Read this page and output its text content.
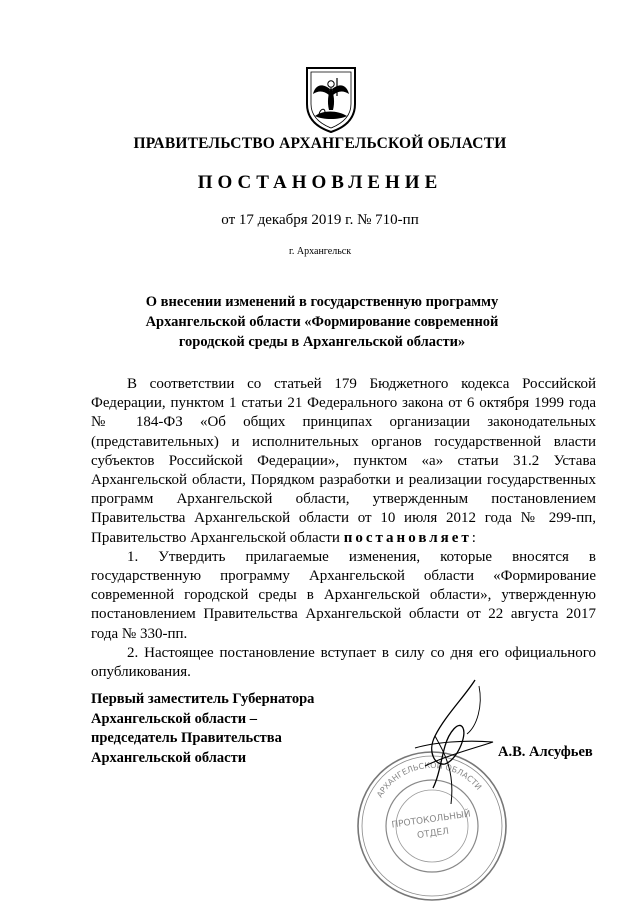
ПРАВИТЕЛЬСТВО АРХАНГЕЛЬСКОЙ ОБЛАСТИ
ПОСТАНОВЛЕНИЕ
от 17 декабря 2019 г. № 710-пп
г. Архангельск
О внесении изменений в государственную программу
Архангельской области «Формирование современной
городской среды в Архангельской области»

В соответствии со статьей 179 Бюджетного кодекса Российской Федерации, пунктом 1 статьи 21 Федерального закона от 6 октября 1999 года № 184-ФЗ «Об общих принципах организации законодательных (представительных) и исполнительных органов государственной власти субъектов Российской Федерации», пунктом «а» статьи 31.2 Устава Архангельской области, Порядком разработки и реализации государственных программ Архангельской области, утвержденным постановлением Правительства Архангельской области от 10 июля 2012 года № 299-пп, Правительство Архангельской области постановляет:

1. Утвердить прилагаемые изменения, которые вносятся в государственную программу Архангельской области «Формирование современной городской среды в Архангельской области», утвержденную постановлением Правительства Архангельской области от 22 августа 2017 года № 330-пп.

2. Настоящее постановление вступает в силу со дня его официального опубликования.

Первый заместитель Губернатора
Архангельской области –
председатель Правительства
Архангельской области	А.В. Алсуфьев
АРХАНГЕЛЬСКОЙ ОБЛАСТИ
ПРОТОКОЛЬНЫЙ
ОТДЕЛ
